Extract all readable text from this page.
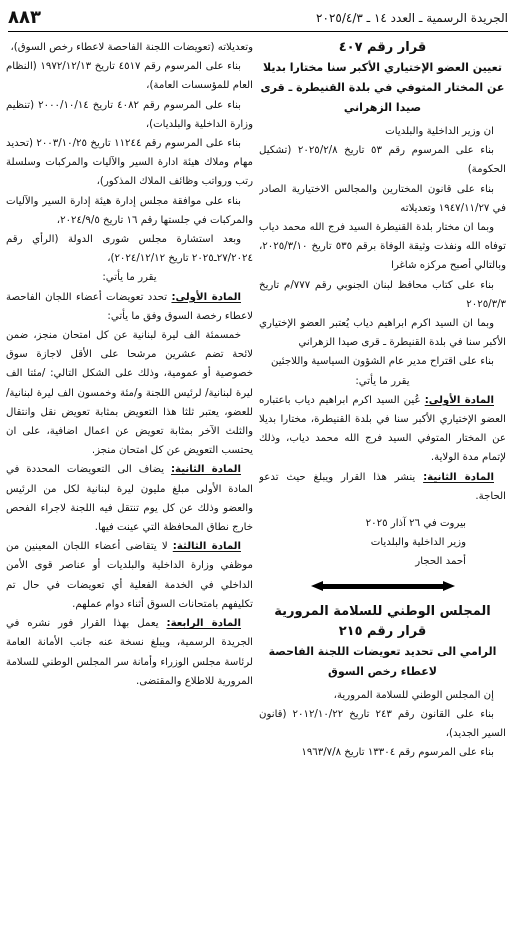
الجريدة الرسمية ـ العدد ١٤ ـ ٢٠٢٥/٤/٣
٨٨٣

قرار رقم ٤٠٧

تعيين العضو الإختياري الأكبر سنا مختارا بديلا عن المختار المتوفي في بلدة القنيطرة ـ قرى صيدا الزهراني

ان وزير الداخلية والبلديات

بناء على المرسوم رقم ٥٣ تاريخ ٢٠٢٥/٢/٨ (تشكيل الحكومة)

بناء على قانون المختارين والمجالس الاختيارية الصادر في ١٩٤٧/١١/٢٧ وتعديلاته

وبما ان مختار بلدة القنيطرة السيد فرج الله محمد دياب توفاه الله ونفذت وثيقة الوفاة برقم ٥٣٥ تاريخ ٢٠٢٥/٣/١٠، وبالتالي أصبح مركزه شاغرا

بناء على كتاب محافظ لبنان الجنوبي رقم ٧٧٧/م تاريخ ٢٠٢٥/٣/٣

وبما ان السيد اكرم ابراهيم دياب يُعتبر العضو الإختياري الأكبر سنا في بلدة القنيطرة ـ قرى صيدا الزهراني

بناء على اقتراح مدير عام الشؤون السياسية واللاجئين

يقرر ما يأتي:

المادة الأولى: عُين السيد اكرم ابراهيم دياب باعتباره العضو الإختياري الأكبر سنا في بلدة القنيطرة، مختارا بديلا عن المختار المتوفي السيد فرج الله محمد دياب، وذلك لإتمام مدة الولاية.

المادة الثانية: ينشر هذا القرار ويبلغ حيث تدعو الحاجة.

بيروت في ٢٦ آذار ٢٠٢٥

وزير الداخلية والبلديات

أحمد الحجار

المجلس الوطني للسلامة المرورية

قرار رقم ٢١٥

الرامي الى تحديد تعويضات اللجنة الفاحصة لاعطاء رخص السوق

إن المجلس الوطني للسلامة المرورية،

بناء على القانون رقم ٢٤٣ تاريخ ٢٠١٢/١٠/٢٢ (قانون السير الجديد)،

بناء على المرسوم رقم ١٣٣٠٤ تاريخ ١٩٦٣/٧/٨

وتعديلاته (تعويضات اللجنة الفاحصة لاعطاء رخص السوق)،

بناء على المرسوم رقم ٤٥١٧ تاريخ ١٩٧٢/١٢/١٣ (النظام العام للمؤسسات العامة)،

بناء على المرسوم رقم ٤٠٨٢ تاريخ ٢٠٠٠/١٠/١٤ (تنظيم وزارة الداخلية والبلديات)،

بناء على المرسوم رقم ١١٢٤٤ تاريخ ٢٠٠٣/١٠/٢٥ (تحديد مهام وملاك هيئة ادارة السير والآليات والمركبات وسلسلة رتب ورواتب وظائف الملاك المذكور)،

بناء على موافقة مجلس إدارة هيئة إدارة السير والآليات والمركبات في جلستها رقم ١٦ تاريخ ٢٠٢٤/٩/٥،

وبعد استشارة مجلس شورى الدولة (الرأي رقم ٢٧/٢٠٢٤ـ٢٠٢٥ تاريخ ٢٠٢٤/١٢/١٢)،

يقرر ما يأتي:

المادة الأولى: تحدد تعويضات أعضاء اللجان الفاحصة لاعطاء رخصة السوق وفق ما يأتي:

خمسمئة الف ليرة لبنانية عن كل امتحان منجز، ضمن لائحة تضم عشرين مرشحا على الأقل لاجازة سوق خصوصية أو عمومية، وذلك على الشكل التالي: /مئتا الف ليرة لبنانية/ لرئيس اللجنة و/مئة وخمسون الف ليرة لبنانية/ للعضو، يعتبر ثلثا هذا التعويض بمثابة تعويض نقل وانتقال والثلث الآخر بمثابة تعويض عن اعمال اضافية، على ان يحتسب التعويض عن كل امتحان منجز.

المادة الثانية: يضاف الى التعويضات المحددة في المادة الأولى مبلغ مليون ليرة لبنانية لكل من الرئيس والعضو وذلك عن كل يوم تنتقل فيه اللجنة لاجراء الفحص خارج نطاق المحافظة التي عينت فيها.

المادة الثالثة: لا يتقاضى أعضاء اللجان المعينين من موظفي وزارة الداخلية والبلديات أو عناصر قوى الأمن الداخلي في الخدمة الفعلية أي تعويضات في حال تم تكليفهم بامتحانات السوق أثناء دوام عملهم.

المادة الرابعة: يعمل بهذا القرار فور نشره في الجريدة الرسمية، ويبلغ نسخة عنه جانب الأمانة العامة لرئاسة مجلس الوزراء وأمانة سر المجلس الوطني للسلامة المرورية للاطلاع والمقتضى.
